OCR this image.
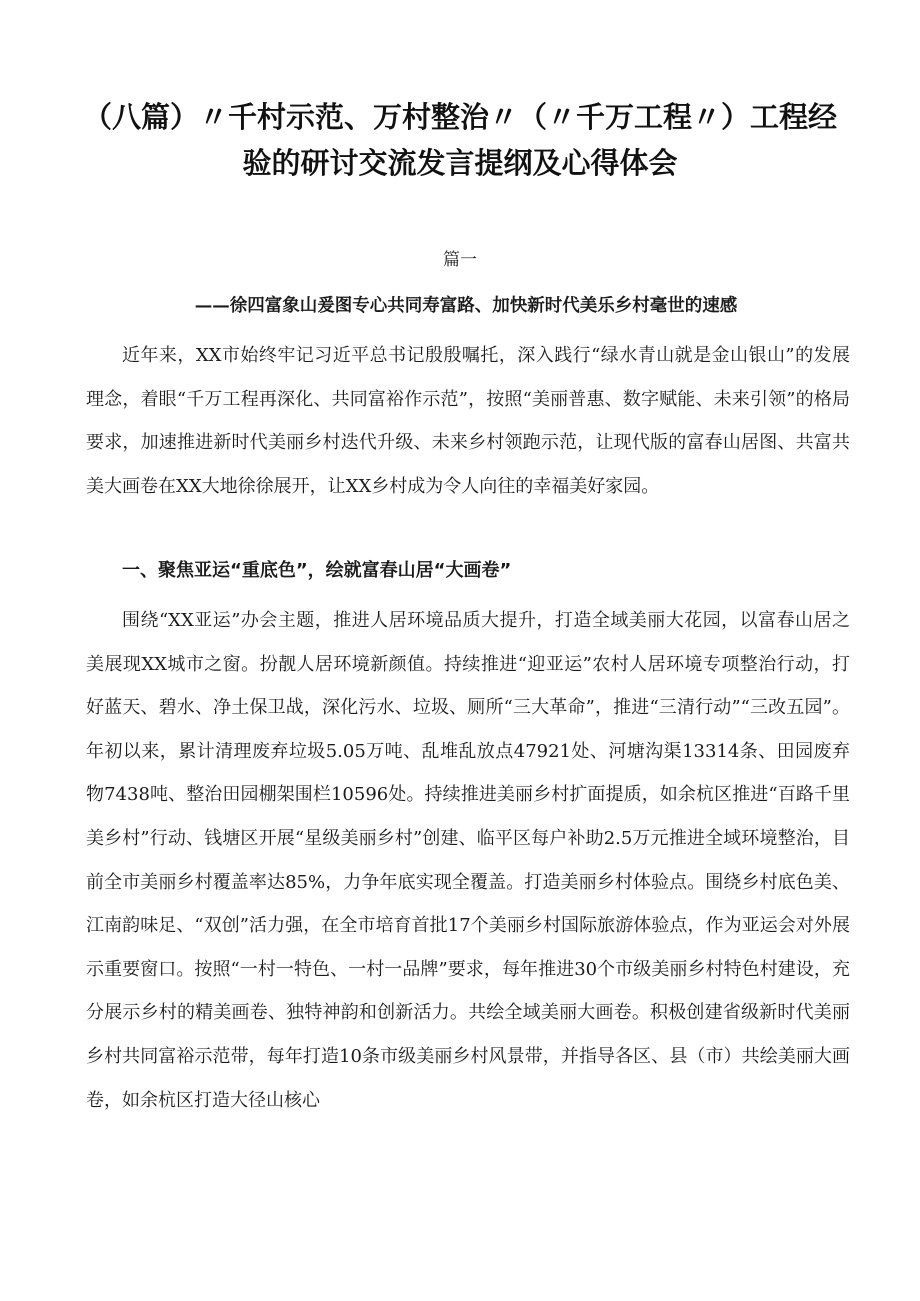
（八篇）〃千村示范、万村整治〃（〃千万工程〃）工程经
验的研讨交流发言提纲及心得体会
篇一
——徐四富象山爰图专心共同寿富路、加快新时代美乐乡村毫世的速感

近年来，XX市始终牢记习近平总书记殷殷嘱托，深入践行“绿水青山就是金山银山”的发展理念，着眼“千万工程再深化、共同富裕作示范”，按照“美丽普惠、数字赋能、未来引领”的格局要求，加速推进新时代美丽乡村迭代升级、未来乡村领跑示范，让现代版的富春山居图、共富共美大画卷在XX大地徐徐展开，让XX乡村成为令人向往的幸福美好家园。

一、聚焦亚运“重底色”，绘就富春山居“大画卷”

围绕“XX亚运”办会主题，推进人居环境品质大提升，打造全域美丽大花园，以富春山居之美展现XX城市之窗。扮靓人居环境新颜值。持续推进“迎亚运”农村人居环境专项整治行动，打好蓝天、碧水、净土保卫战，深化污水、垃圾、厕所“三大革命”，推进“三清行动”“三改五园”。年初以来，累计清理废弃垃圾5.05万吨、乱堆乱放点47921处、河塘沟渠13314条、田园废弃物7438吨、整治田园棚架围栏10596处。持续推进美丽乡村扩面提质，如余杭区推进“百路千里美乡村”行动、钱塘区开展“星级美丽乡村”创建、临平区每户补助2.5万元推进全域环境整治，目前全市美丽乡村覆盖率达85%，力争年底实现全覆盖。打造美丽乡村体验点。围绕乡村底色美、江南韵味足、“双创”活力强，在全市培育首批17个美丽乡村国际旅游体验点，作为亚运会对外展示重要窗口。按照“一村一特色、一村一品牌”要求，每年推进30个市级美丽乡村特色村建设，充分展示乡村的精美画卷、独特神韵和创新活力。共绘全域美丽大画卷。积极创建省级新时代美丽乡村共同富裕示范带，每年打造10条市级美丽乡村风景带，并指导各区、县（市）共绘美丽大画卷，如余杭区打造大径山核心
